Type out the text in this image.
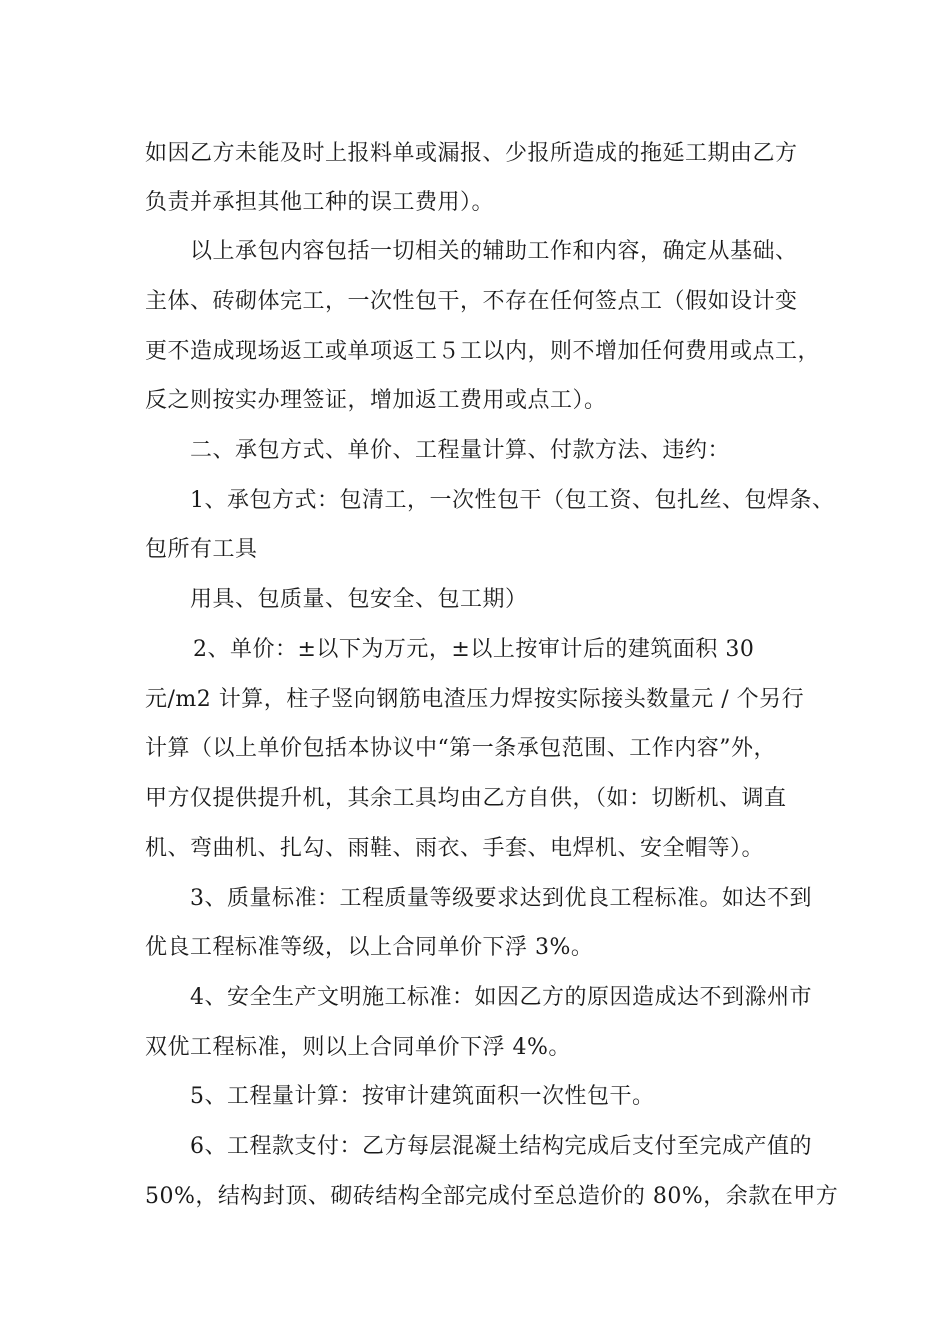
如因乙方未能及时上报料单或漏报、少报所造成的拖延工期由乙方
负责并承担其他工种的误工费用）。
以上承包内容包括一切相关的辅助工作和内容，确定从基础、
主体、砖砌体完工，一次性包干，不存在任何签点工（假如设计变
更不造成现场返工或单项返工５工以内，则不增加任何费用或点工，
反之则按实办理签证，增加返工费用或点工）。
二、承包方式、单价、工程量计算、付款方法、违约：
1、承包方式：包清工，一次性包干（包工资、包扎丝、包焊条、
包所有工具
用具、包质量、包安全、包工期）
2、单价：±以下为万元，±以上按审计后的建筑面积 30
元/m2 计算，柱子竖向钢筋电渣压力焊按实际接头数量元 / 个另行
计算（以上单价包括本协议中“第一条承包范围、工作内容”外，
甲方仅提供提升机，其余工具均由乙方自供，（如：切断机、调直
机、弯曲机、扎勾、雨鞋、雨衣、手套、电焊机、安全帽等）。
3、质量标准：工程质量等级要求达到优良工程标准。如达不到
优良工程标准等级，以上合同单价下浮 3%。
4、安全生产文明施工标准：如因乙方的原因造成达不到滁州市
双优工程标准，则以上合同单价下浮 4%。
5、工程量计算：按审计建筑面积一次性包干。
6、工程款支付：乙方每层混凝土结构完成后支付至完成产值的
50%，结构封顶、砌砖结构全部完成付至总造价的 80%，余款在甲方
